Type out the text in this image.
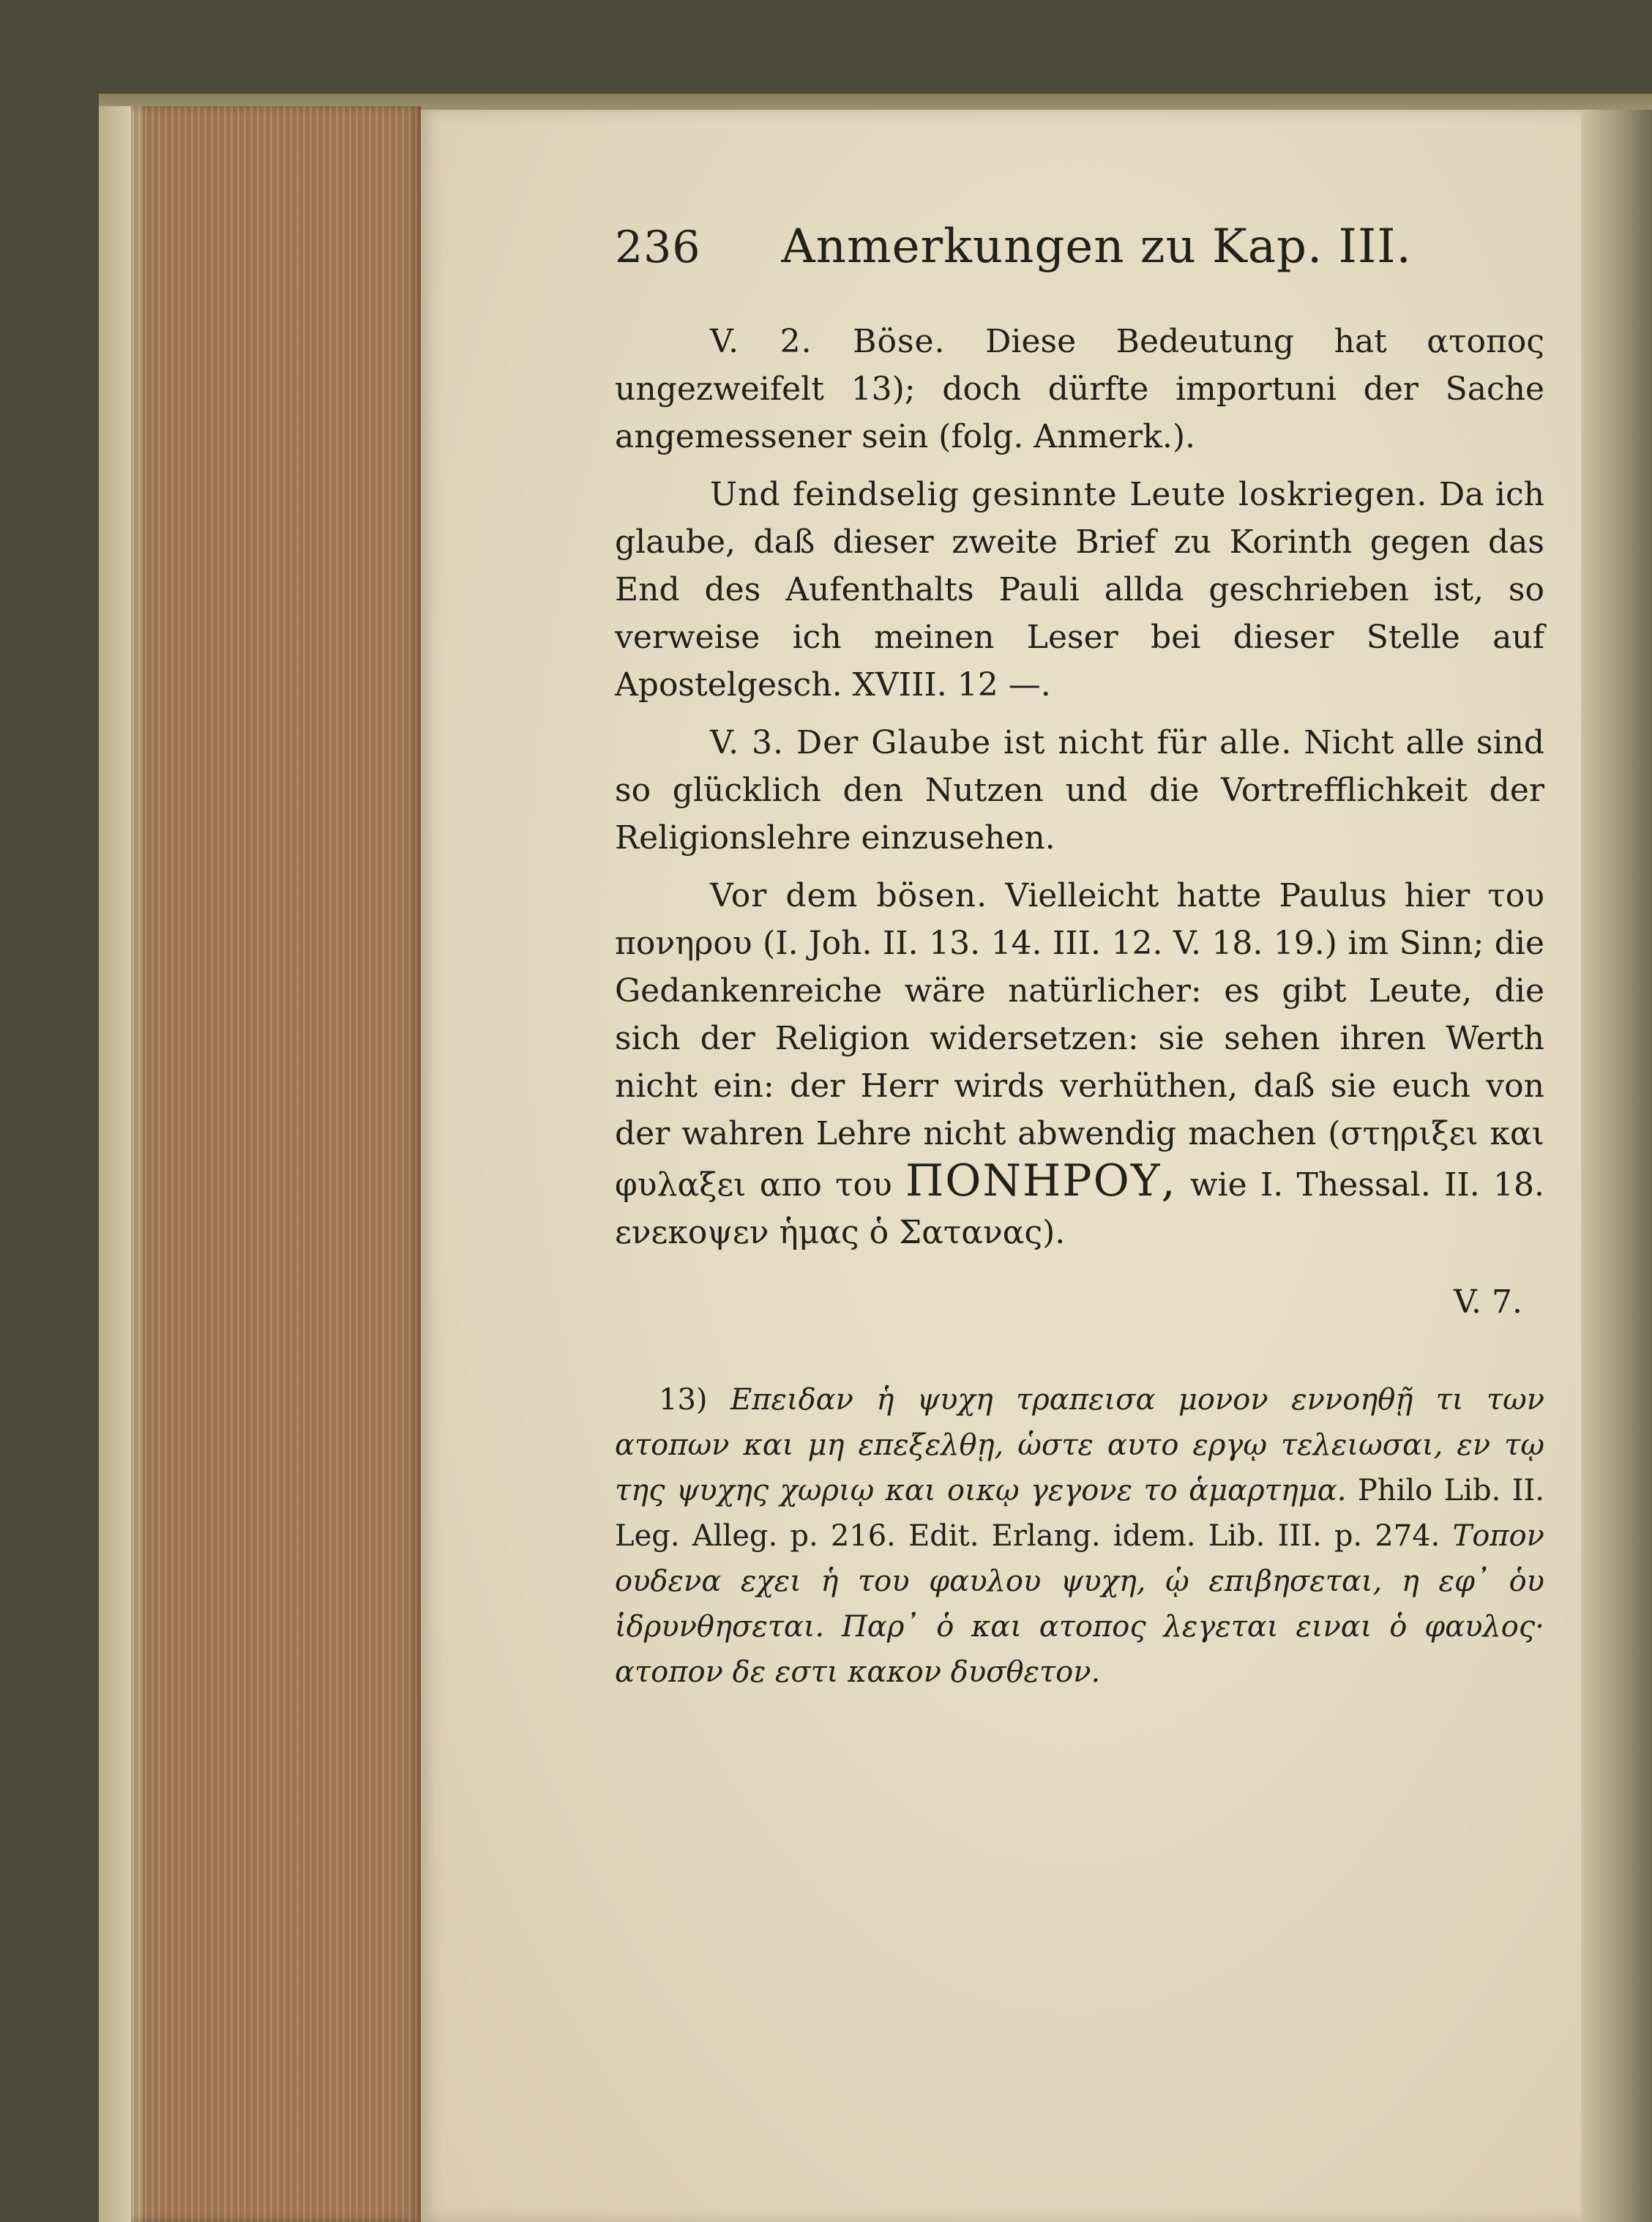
236 Anmerkungen zu Kap. III.

V. 2. Böse. Diese Bedeutung hat ατοπος ungezweifelt 13); doch dürfte importuni der Sache angemessener sein (folg. Anmerk.).

Und feindselig gesinnte Leute loskriegen. Da ich glaube, daß dieser zweite Brief zu Korinth gegen das End des Aufenthalts Pauli allda geschrieben ist, so verweise ich meinen Leser bei dieser Stelle auf Apostelgesch. XVIII. 12 —.

V. 3. Der Glaube ist nicht für alle. Nicht alle sind so glücklich den Nutzen und die Vortrefflichkeit der Religionslehre einzusehen.

Vor dem bösen. Vielleicht hatte Paulus hier του πονηρου (I. Joh. II. 13. 14. III. 12. V. 18. 19.) im Sinn; die Gedankenreiche wäre natürlicher: es gibt Leute, die sich der Religion widersetzen: sie sehen ihren Werth nicht ein: der Herr wirds verhüthen, daß sie euch von der wahren Lehre nicht abwendig machen (στηριξει και φυλαξει απο του ΠΟΝΗΡΟΥ, wie I. Thessal. II. 18. ενεκοψεν ἡμας ὁ Σατανας).

V. 7.
13) Επειδαν ἡ ψυχη τραπεισα μονον εννοηθῇ τι των ατοπων και μη επεξελθῃ, ὡστε αυτο εργῳ τελειωσαι, εν τῳ της ψυχης χωριῳ και οικῳ γεγονε το ἁμαρτημα. Philo Lib. II. Leg. Alleg. p. 216. Edit. Erlang. idem. Lib. III. p. 274. Τοπον ουδενα εχει ἡ του φαυλου ψυχη, ᾡ επιβησεται, η εφ᾽ ὁυ ἱδρυνθησεται. Παρ᾽ ὁ και ατοπος λεγεται ειναι ὁ φαυλος· ατοπον δε εστι κακον δυσθετον.
